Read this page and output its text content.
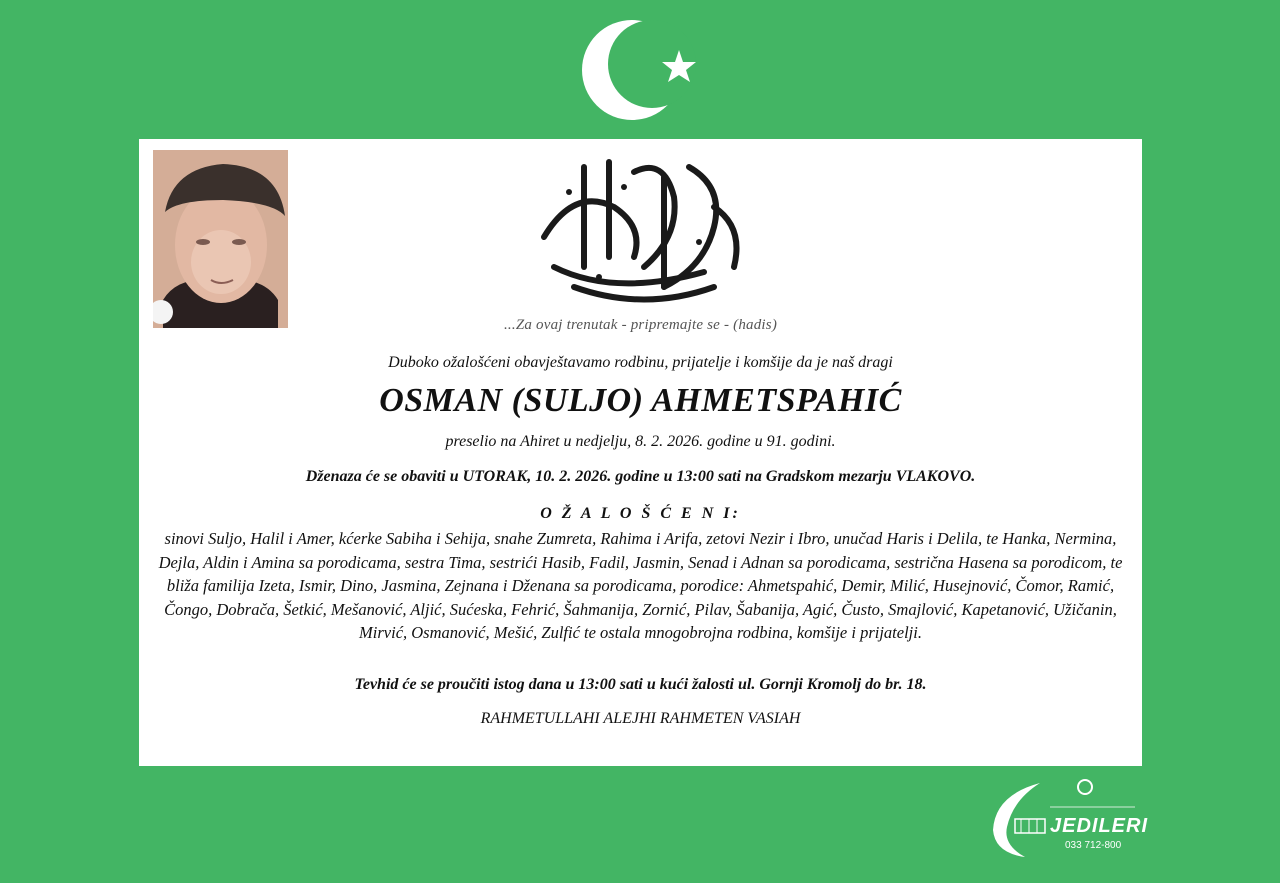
...Za ovaj trenutak - pripremajte se - (hadis)
Duboko ožalošćeni obavještavamo rodbinu, prijatelje i komšije da je naš dragi
OSMAN (SULJO) AHMETSPAHIĆ
preselio na Ahiret u nedjelju, 8. 2. 2026. godine u 91. godini.
Dženaza će se obaviti u UTORAK, 10. 2. 2026. godine u 13:00 sati na Gradskom mezarju VLAKOVO.
O Ž A L O Š Ć E N I:
sinovi Suljo, Halil i Amer, kćerke Sabiha i Sehija, snahe Zumreta, Rahima i Arifa, zetovi Nezir i Ibro, unučad Haris i Delila, te Hanka, Nermina, Dejla, Aldin i Amina sa porodicama, sestra Tima, sestrići Hasib, Fadil, Jasmin, Senad i Adnan sa porodicama, sestrična Hasena sa porodicom, te bliža familija Izeta, Ismir, Dino, Jasmina, Zejnana i Dženana sa porodicama, porodice: Ahmetspahić, Demir, Milić, Husejnović, Čomor, Ramić, Čongo, Dobrača, Šetkić, Mešanović, Aljić, Sućeska, Fehrić, Šahmanija, Zornić, Pilav, Šabanija, Agić, Čusto, Smajlović, Kapetanović, Užičanin, Mirvić, Osmanović, Mešić, Zulfić te ostala mnogobrojna rodbina, komšije i prijatelji.
Tevhid će se proučiti istog dana u 13:00 sati u kući žalosti ul. Gornji Kromolj do br. 18.
RAHMETULLAHI ALEJHI RAHMETEN VASIAH
JEDILERI
033 712-800
